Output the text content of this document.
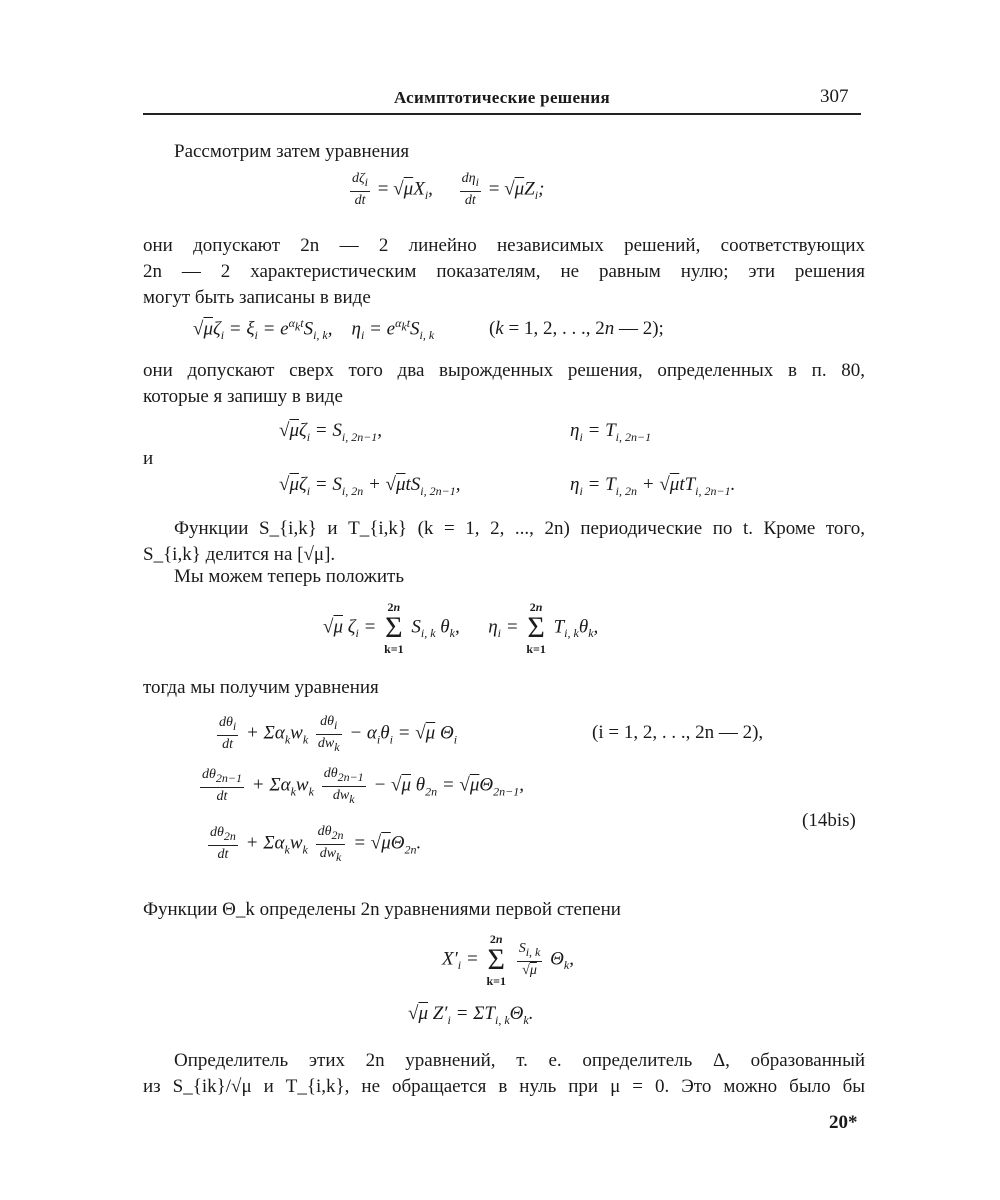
Асимптотические решения	307
Рассмотрим затем уравнения
$\frac{d\zeta_i}{dt} = √\mu X_i$, $\frac{d\eta_i}{dt} = √\mu Z_i$;
они допускают 2n — 2 линейно независимых решений, соответствующих
2n — 2 характеристическим показателям, не равным нулю; эти решения
могут быть записаны в виде
$√\mu\zeta_i = \xi_i = e^{\alpha_kt}S_{i, k}$,    $\eta_i = e^{\alpha_kt}S_{i, k}$	(k = 1, 2, . . ., 2n — 2);
они допускают сверх того два вырожденных решения, определенных в п. 80,
которые я запишу в виде
$√\mu\zeta_i = S_{i, 2n-1}$,	$\eta_i = T_{i, 2n-1}$
и
$√\mu\zeta_i = S_{i, 2n} + √\mu tS_{i, 2n-1}$,	$\eta_i = T_{i, 2n} + √\mu tT_{i, 2n-1}$.
Функции S_{i,k} и T_{i,k} (k = 1, 2, ..., 2n) периодические по t. Кроме того,
S_{i,k} делится на [√μ].
Мы можем теперь положить
√μ $\zeta_i$ =
2n
Σ
k=1
$S_{i, k}$ $\theta_k$,      $\eta_i$ =
2n
Σ
k=1
$T_{i, k}\theta_k$,
тогда мы получим уравнения
$\frac{d\theta_i}{dt} + \Sigma\alpha_kw_k \frac{d\theta_i}{dw_k} - \alpha_i\theta_i = √\mu$ $\Theta_i$	(i = 1, 2, . . ., 2n — 2),
$\frac{d\theta_{2n-1}}{dt} + \Sigma\alpha_kw_k \frac{d\theta_{2n-1}}{dw_k} - √\mu$ $\theta_{2n} = √\mu\Theta_{2n-1}$,
(14bis)
$\frac{d\theta_{2n}}{dt} + \Sigma\alpha_kw_k \frac{d\theta_{2n}}{dw_k} = √\mu\Theta_{2n}$.
Функции Θ_k определены 2n уравнениями первой степени
$X'_i$ =
2n
Σ
k=1

$\frac{S_{i, k}}{√\mu} \Theta_k$,
√μ $Z'_i = \Sigma T_{i, k}\Theta_k$.
Определитель этих 2n уравнений, т. е. определитель Δ, образованный
из S_{ik}/√μ и T_{i,k}, не обращается в нуль при μ = 0. Это можно было бы
20*
